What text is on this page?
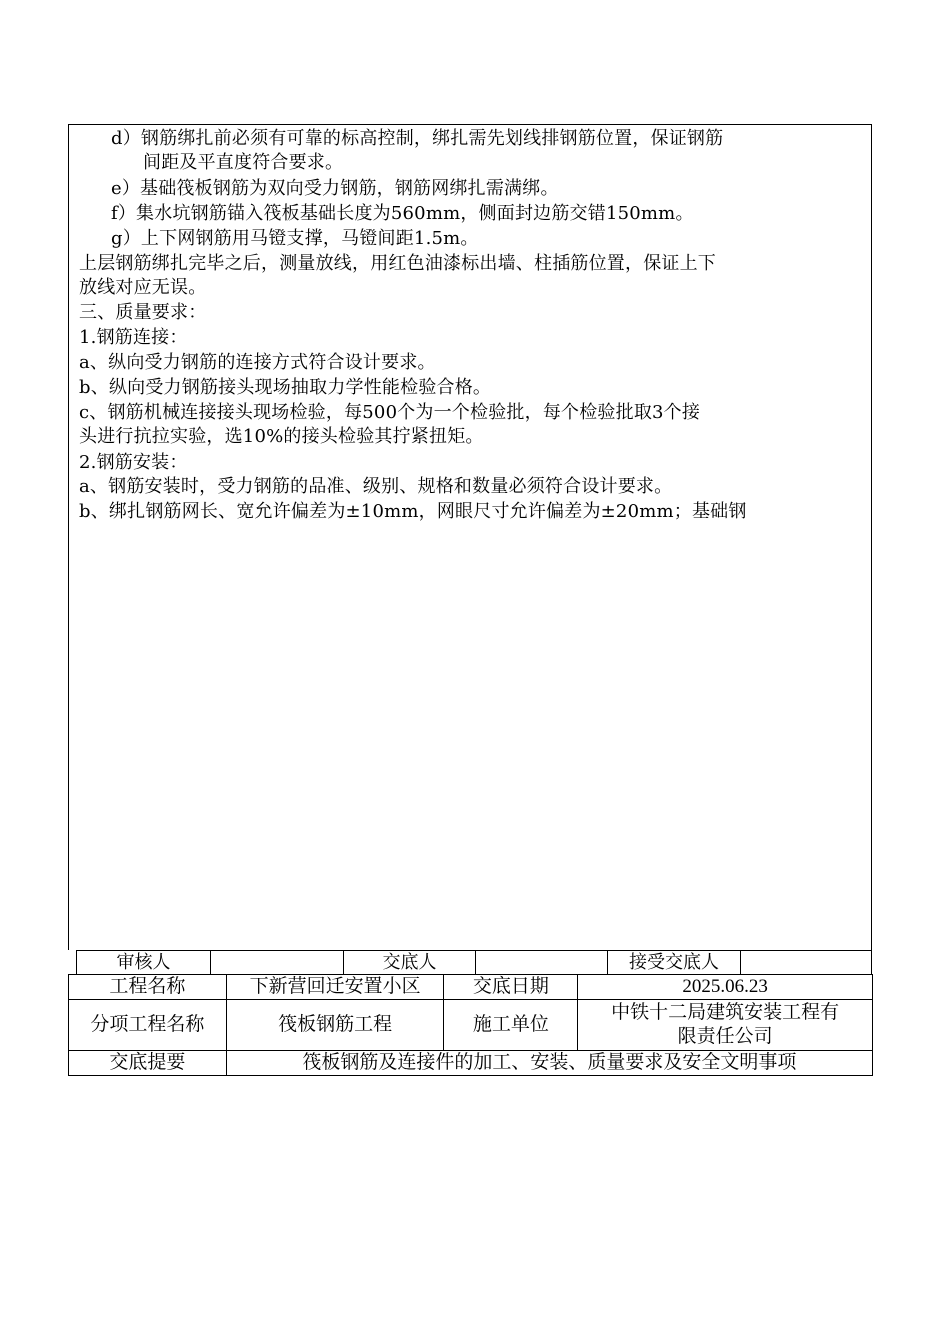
d）钢筋绑扎前必须有可靠的标高控制，绑扎需先划线排钢筋位置，保证钢筋
间距及平直度符合要求。
e）基础筏板钢筋为双向受力钢筋，钢筋网绑扎需满绑。
f）集水坑钢筋锚入筏板基础长度为560mm，侧面封边筋交错150mm。
g）上下网钢筋用马镫支撑，马镫间距1.5m。
上层钢筋绑扎完毕之后，测量放线，用红色油漆标出墙、柱插筋位置，保证上下
放线对应无误。
三、质量要求：
1.钢筋连接：
a、纵向受力钢筋的连接方式符合设计要求。
b、纵向受力钢筋接头现场抽取力学性能检验合格。
c、钢筋机械连接接头现场检验，每500个为一个检验批，每个检验批取3个接
头进行抗拉实验，选10%的接头检验其拧紧扭矩。
2.钢筋安装：
a、钢筋安装时，受力钢筋的品准、级别、规格和数量必须符合设计要求。
b、绑扎钢筋网长、宽允许偏差为±10mm，网眼尺寸允许偏差为±20mm；基础钢
审核人	交底人	接受交底人
工程名称	下新营回迁安置小区	交底日期	2025.06.23
分项工程名称	筏板钢筋工程	施工单位	中铁十二局建筑安装工程有
限责任公司

交底提要	筏板钢筋及连接件的加工、安装、质量要求及安全文明事项		
